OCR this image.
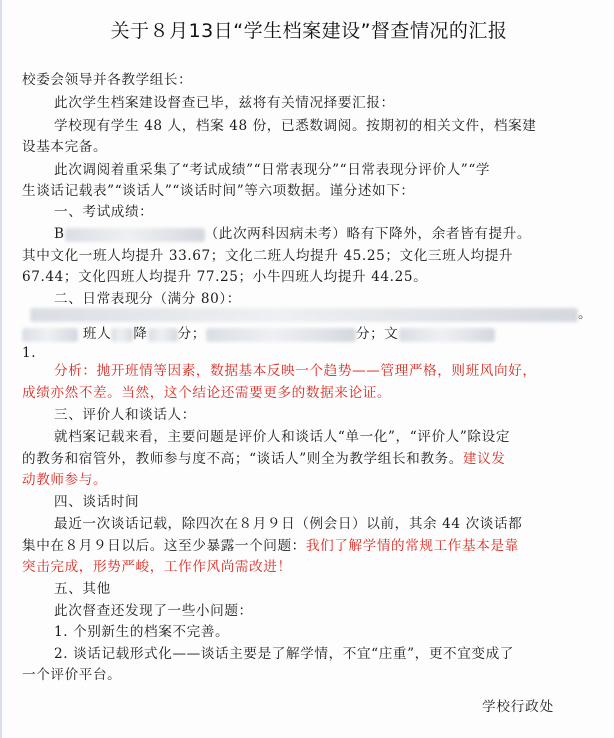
关于８月13日“学生档案建设”督查情况的汇报
校委会领导并各教学组长：
此次学生档案建设督查已毕，兹将有关情况择要汇报：
学校现有学生 48 人，档案 48 份，已悉数调阅。按期初的相关文件，档案建
设基本完备。
此次调阅着重采集了“考试成绩”“日常表现分”“日常表现分评价人”“学
生谈话记载表”“谈话人”“谈话时间”等六项数据。谨分述如下：
一、考试成绩：
B	（此次两科因病未考）略有下降外，余者皆有提升。
其中文化一班人均提升 33.67；文化二班人均提升 45.25；文化三班人均提升
67.44；文化四班人均提升 77.25；小牛四班人均提升 44.25。
二、日常表现分（满分 80）：
。
班人 降 分；	分；文
1.
分析：抛开班情等因素，数据基本反映一个趋势——管理严格，则班风向好，
成绩亦然不差。当然，这个结论还需要更多的数据来论证。
三、评价人和谈话人：
就档案记载来看，主要问题是评价人和谈话人“单一化”，“评价人”除设定
的教务和宿管外，教师参与度不高；“谈话人”则全为教学组长和教务。建议发
动教师参与。
四、谈话时间
最近一次谈话记载，除四次在８月９日（例会日）以前，其余 44 次谈话都
集中在８月９日以后。这至少暴露一个问题：我们了解学情的常规工作基本是靠
突击完成，形势严峻，工作作风尚需改进！
五、其他
此次督查还发现了一些小问题：
1. 个别新生的档案不完善。
2. 谈话记载形式化——谈话主要是了解学情，不宜“庄重”，更不宜变成了
一个评价平台。
学校行政处
